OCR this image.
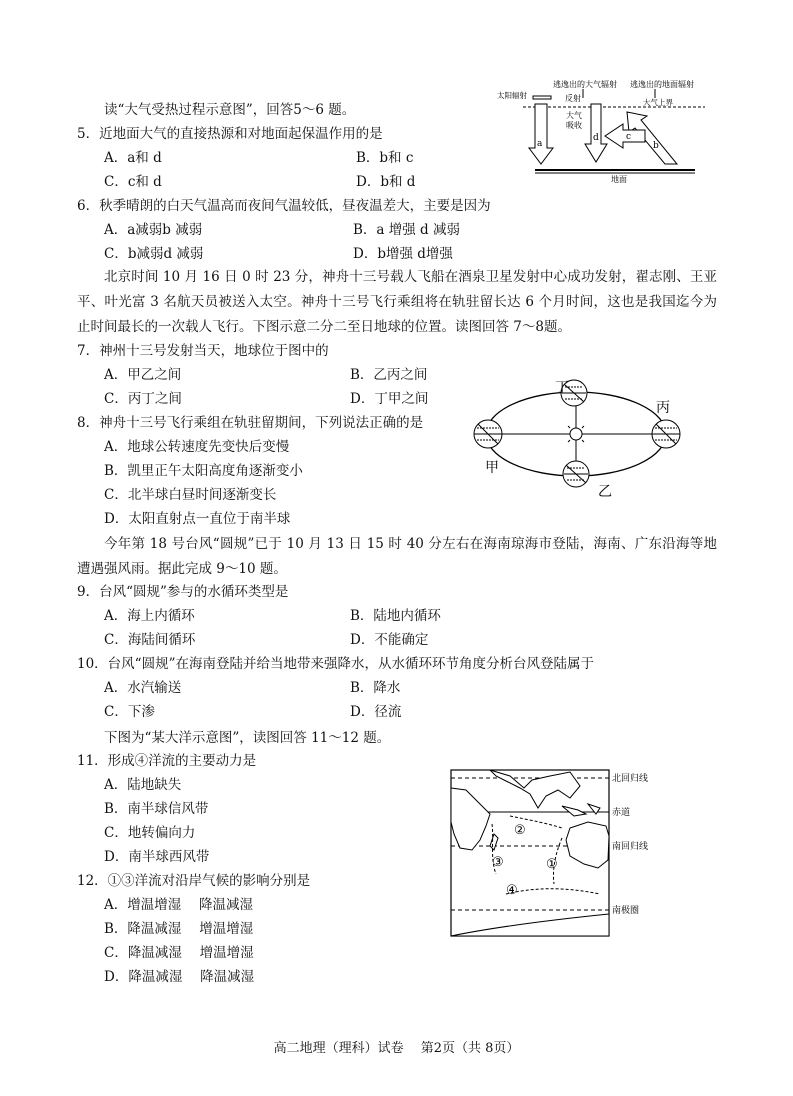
读“大气受热过程示意图”，回答5～6 题。
逃逸出的大气辐射 逃逸出的地面辐射
太阳辐射	反射	大气上界
大气
吸收
a
d
b
c
地面
5．近地面大气的直接热源和对地面起保温作用的是
A．a和 d	B．b和 c
C．c和 d	D．b和 d
6．秋季晴朗的白天气温高而夜间气温较低，昼夜温差大，主要是因为
A．a减弱b 减弱	B．a 增强 d 减弱
C．b减弱d 减弱	D．b增强 d增强
北京时间 10 月 16 日 0 时 23 分，神舟十三号载人飞船在酒泉卫星发射中心成功发射，翟志刚、王亚平、叶光富 3 名航天员被送入太空。神舟十三号飞行乘组将在轨驻留长达 6 个月时间，这也是我国迄今为止时间最长的一次载人飞行。下图示意二分二至日地球的位置。读图回答 7～8题。
7．神州十三号发射当天，地球位于图中的
A．甲乙之间	B．乙丙之间
C．丙丁之间	D．丁甲之间
丁
丙
甲
乙
8．神舟十三号飞行乘组在轨驻留期间，下列说法正确的是
A．地球公转速度先变快后变慢
B．凯里正午太阳高度角逐渐变小
C．北半球白昼时间逐渐变长
D．太阳直射点一直位于南半球
今年第 18 号台风“圆规”已于 10 月 13 日 15 时 40 分左右在海南琼海市登陆，海南、广东沿海等地遭遇强风雨。据此完成 9～10 题。
9．台风“圆规”参与的水循环类型是
A．海上内循环	B．陆地内循环
C．海陆间循环	D．不能确定
10．台风“圆规”在海南登陆并给当地带来强降水，从水循环环节角度分析台风登陆属于
A．水汽输送	B．降水
C．下渗	D．径流
下图为“某大洋示意图”，读图回答 11～12 题。
11．形成④洋流的主要动力是
A．陆地缺失
B．南半球信风带
C．地转偏向力
D．南半球西风带
②
③	①
④
北回归线
赤道
南回归线
南极圈
12．①③洋流对沿岸气候的影响分别是
A．增温增湿　 降温减湿
B．降温减湿　 增温增湿
C．降温减湿　 增温增湿
D．降温减湿　 降温减湿
高二地理（理科）试卷　 第2页（共 8页）
